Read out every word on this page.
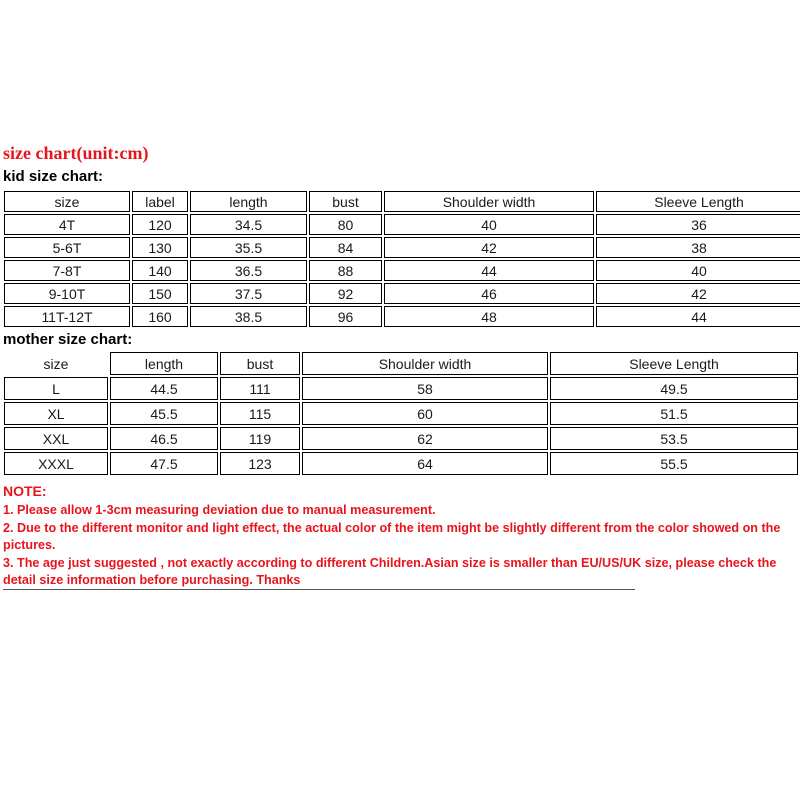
size chart(unit:cm)
kid size chart:
size	label	length	bust	Shoulder width	Sleeve Length
4T	120	34.5	80	40	36
5-6T	130	35.5	84	42	38
7-8T	140	36.5	88	44	40
9-10T	150	37.5	92	46	42
11T-12T	160	38.5	96	48	44
mother size chart:
size	length	bust	Shoulder width	Sleeve Length
L	44.5	111	58	49.5
XL	45.5	115	60	51.5
XXL	46.5	119	62	53.5
XXXL	47.5	123	64	55.5
NOTE:
1. Please allow 1-3cm measuring deviation due to manual measurement.
2. Due to the different monitor and light effect, the actual color of the item might be slightly different from the color showed on the pictures.
3. The age just suggested , not exactly according to different Children.Asian size is smaller than EU/US/UK size, please check the detail size information before purchasing. Thanks
